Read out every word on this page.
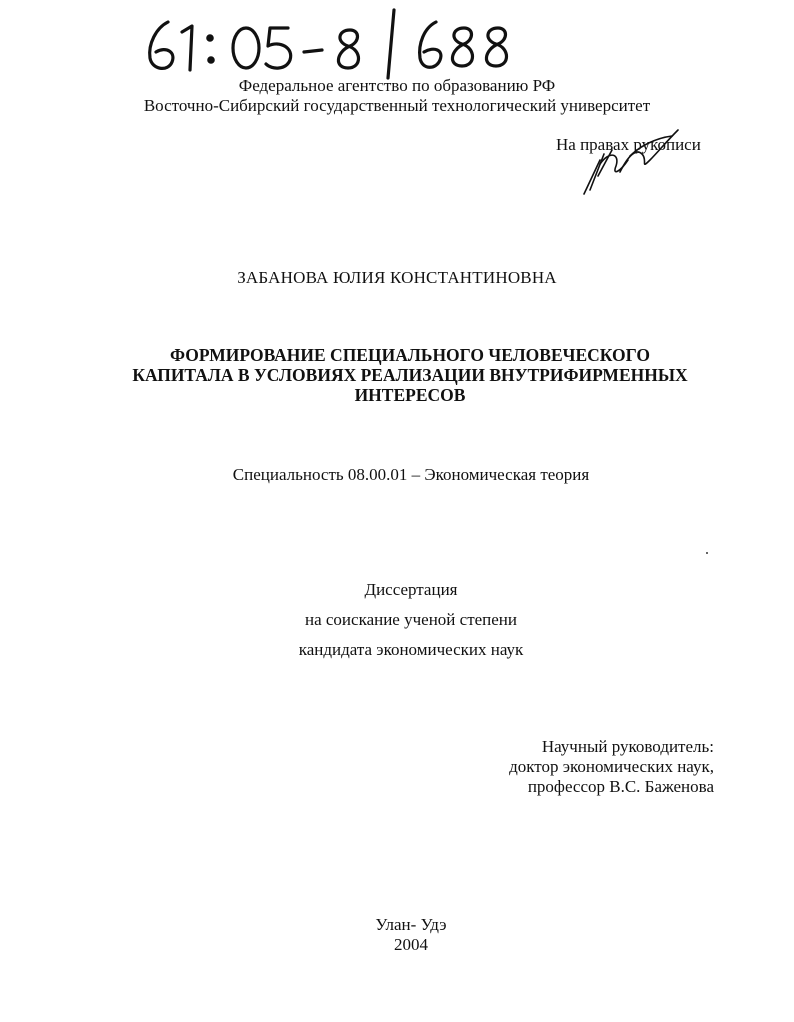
Федеральное агентство по образованию РФ
Восточно-Сибирский государственный технологический университет
На правах рукописи
ЗАБАНОВА ЮЛИЯ КОНСТАНТИНОВНА
ФОРМИРОВАНИЕ СПЕЦИАЛЬНОГО ЧЕЛОВЕЧЕСКОГО
КАПИТАЛА В УСЛОВИЯХ РЕАЛИЗАЦИИ ВНУТРИФИРМЕННЫХ
ИНТЕРЕСОВ
Специальность 08.00.01 – Экономическая теория
Диссертация
на соискание ученой степени
кандидата экономических наук
Научный руководитель:
доктор экономических наук,
профессор В.С. Баженова
Улан- Удэ
2004
